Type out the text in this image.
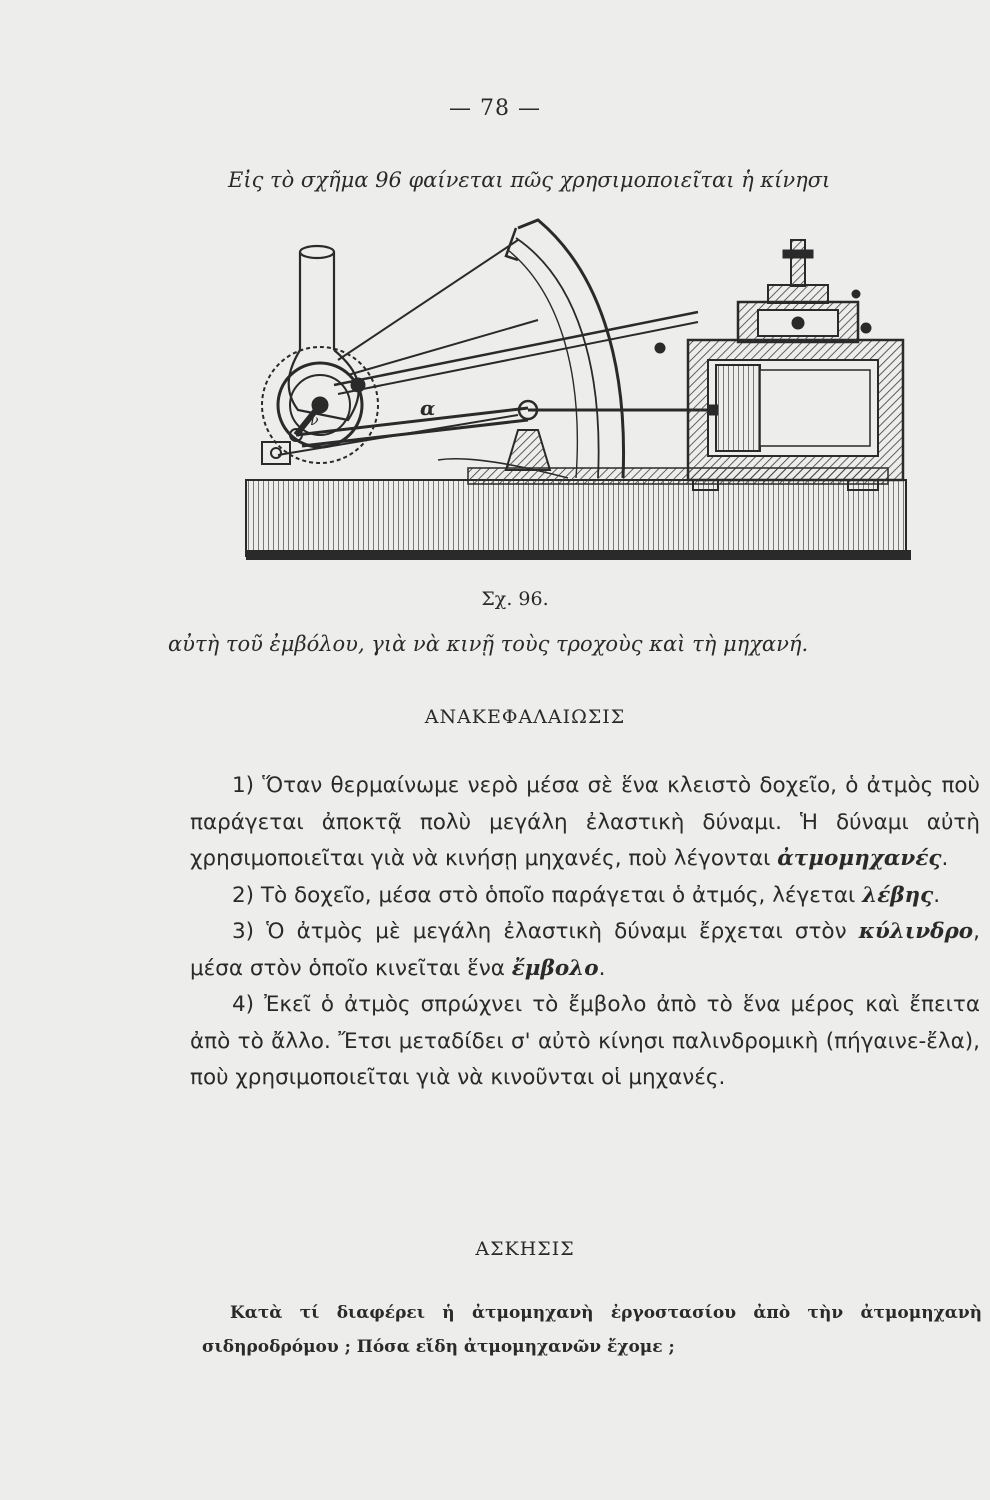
— 78 —
Εἰς τὸ σχῆμα 96 φαίνεται πῶς χρησιμοποιεῖται ἡ κίνησι
ν
α
Σχ. 96.
αὐτὴ τοῦ ἐμβόλου, γιὰ νὰ κινῇ τοὺς τροχοὺς καὶ τὴ μηχανή.
ΑΝΑΚΕΦΑΛΑΙΩΣΙΣ

1) Ὅταν θερμαίνωμε νερὸ μέσα σὲ ἕνα κλειστὸ δοχεῖο, ὁ ἀτμὸς ποὺ παράγεται ἀποκτᾷ πολὺ μεγάλη ἐλαστικὴ δύναμι. Ἡ δύναμι αὐτὴ χρησιμοποιεῖται γιὰ νὰ κινήσῃ μηχανές, ποὺ λέγονται ἀτμομηχανές.

2) Τὸ δοχεῖο, μέσα στὸ ὁποῖο παράγεται ὁ ἀτμός, λέγεται λέβης.

3) Ὁ ἀτμὸς μὲ μεγάλη ἐλαστικὴ δύναμι ἔρχεται στὸν κύλινδρο, μέσα στὸν ὁποῖο κινεῖται ἕνα ἔμβολο.

4) Ἐκεῖ ὁ ἀτμὸς σπρώχνει τὸ ἔμβολο ἀπὸ τὸ ἕνα μέρος καὶ ἔπειτα ἀπὸ τὸ ἄλλο. Ἔτσι μεταδίδει σ' αὐτὸ κίνησι παλινδρομικὴ (πήγαινε-ἔλα), ποὺ χρησιμοποιεῖται γιὰ νὰ κινοῦνται οἱ μηχανές.

ΑΣΚΗΣΙΣ

Κατὰ τί διαφέρει ἡ ἀτμομηχανὴ ἐργοστασίου ἀπὸ τὴν ἀτμομηχανὴ σιδηροδρόμου ; Πόσα εἴδη ἀτμομηχανῶν ἔχομε ;
